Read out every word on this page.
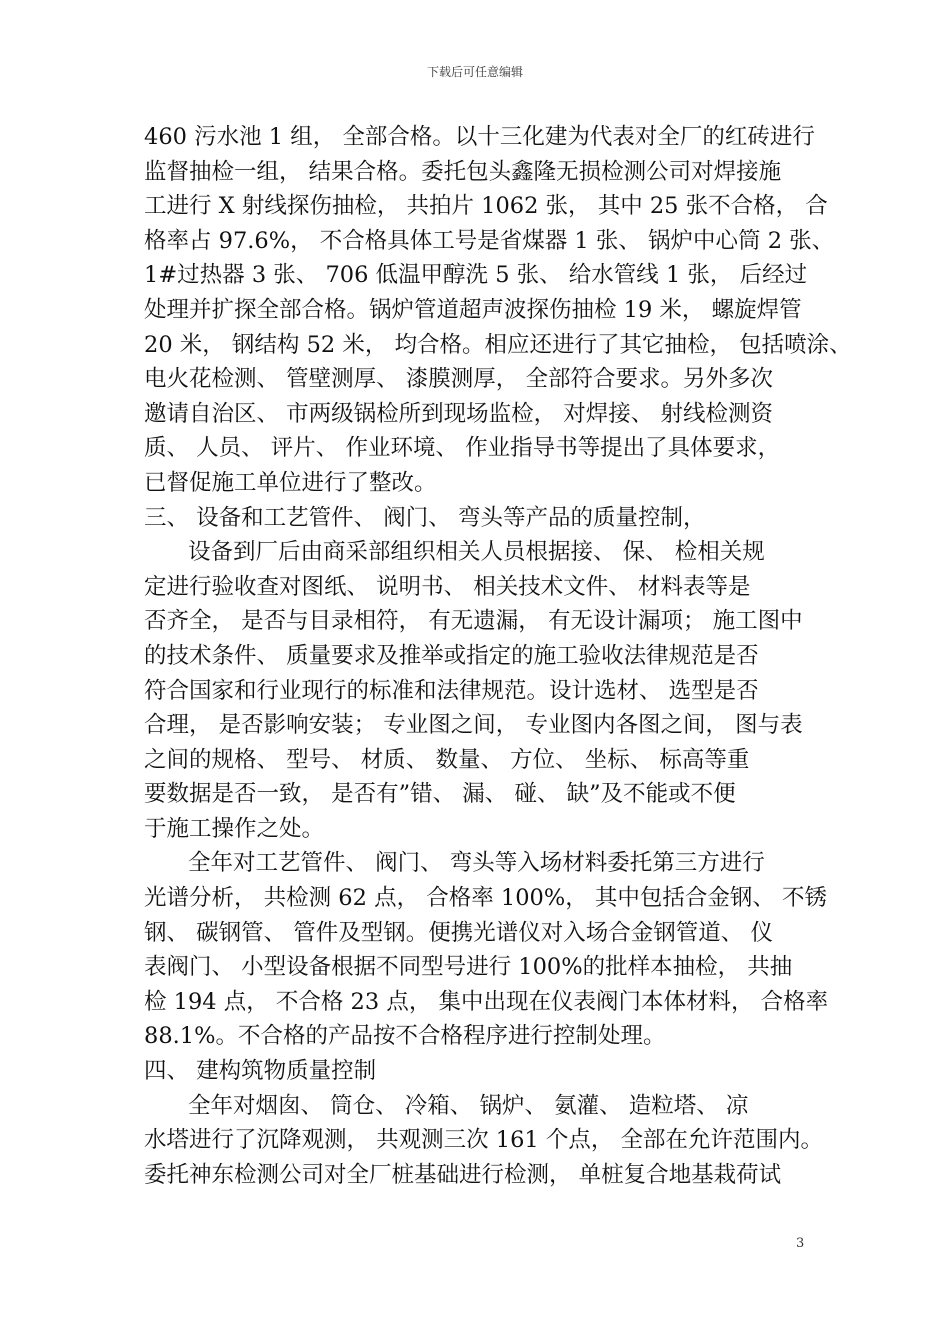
下载后可任意编辑
460 污水池 1 组， 全部合格。以十三化建为代表对全厂的红砖进行
监督抽检一组， 结果合格。委托包头鑫隆无损检测公司对焊接施
工进行 X 射线探伤抽检， 共拍片 1062 张， 其中 25 张不合格， 合
格率占 97.6%， 不合格具体工号是省煤器 1 张、 锅炉中心筒 2 张、
1#过热器 3 张、 706 低温甲醇洗 5 张、 给水管线 1 张， 后经过
处理并扩探全部合格。锅炉管道超声波探伤抽检 19 米， 螺旋焊管
20 米， 钢结构 52 米， 均合格。相应还进行了其它抽检， 包括喷涂、
电火花检测、 管壁测厚、 漆膜测厚， 全部符合要求。另外多次
邀请自治区、 市两级锅检所到现场监检， 对焊接、 射线检测资
质、 人员、 评片、 作业环境、 作业指导书等提出了具体要求，
已督促施工单位进行了整改。
三、 设备和工艺管件、 阀门、 弯头等产品的质量控制，
设备到厂后由商采部组织相关人员根据接、 保、 检相关规
定进行验收查对图纸、 说明书、 相关技术文件、 材料表等是
否齐全， 是否与目录相符， 有无遗漏， 有无设计漏项； 施工图中
的技术条件、 质量要求及推举或指定的施工验收法律规范是否
符合国家和行业现行的标准和法律规范。设计选材、 选型是否
合理， 是否影响安装； 专业图之间， 专业图内各图之间， 图与表
之间的规格、 型号、 材质、 数量、 方位、 坐标、 标高等重
要数据是否一致， 是否有”错、 漏、 碰、 缺”及不能或不便
于施工操作之处。
全年对工艺管件、 阀门、 弯头等入场材料委托第三方进行
光谱分析， 共检测 62 点， 合格率 100%， 其中包括合金钢、 不锈
钢、 碳钢管、 管件及型钢。便携光谱仪对入场合金钢管道、 仪
表阀门、 小型设备根据不同型号进行 100%的批样本抽检， 共抽
检 194 点， 不合格 23 点， 集中出现在仪表阀门本体材料， 合格率
88.1%。不合格的产品按不合格程序进行控制处理。
四、 建构筑物质量控制
全年对烟囱、 筒仓、 冷箱、 锅炉、 氨灌、 造粒塔、 凉
水塔进行了沉降观测， 共观测三次 161 个点， 全部在允许范围内。
委托神东检测公司对全厂桩基础进行检测， 单桩复合地基栽荷试
3
